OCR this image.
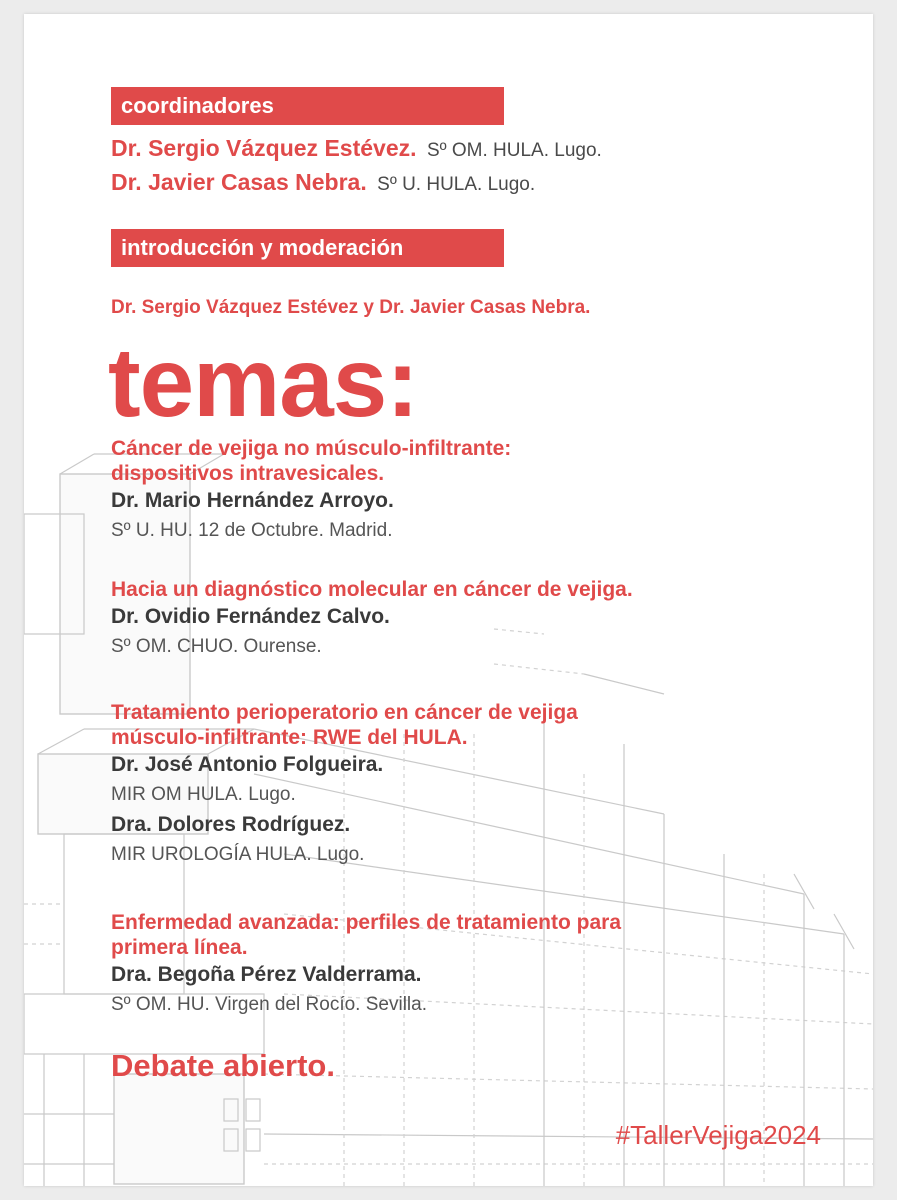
coordinadores
Dr. Sergio Vázquez Estévez. Sº OM. HULA. Lugo.
Dr. Javier Casas Nebra. Sº U. HULA. Lugo.
introducción y moderación
Dr. Sergio Vázquez Estévez y Dr. Javier Casas Nebra.
temas:
Cáncer de vejiga no músculo-infiltrante:
dispositivos intravesicales.
Dr. Mario Hernández Arroyo.
Sº U. HU. 12 de Octubre. Madrid.
Hacia un diagnóstico molecular en cáncer de vejiga.
Dr. Ovidio Fernández Calvo.
Sº OM. CHUO. Ourense.
Tratamiento perioperatorio en cáncer de vejiga
músculo-infiltrante: RWE del HULA.
Dr. José Antonio Folgueira.
MIR OM HULA. Lugo.
Dra. Dolores Rodríguez.
MIR UROLOGÍA HULA. Lugo.
Enfermedad avanzada: perfiles de tratamiento para
primera línea.
Dra. Begoña Pérez Valderrama.
Sº OM. HU. Virgen del Rocío. Sevilla.
Debate abierto.
#TallerVejiga2024
